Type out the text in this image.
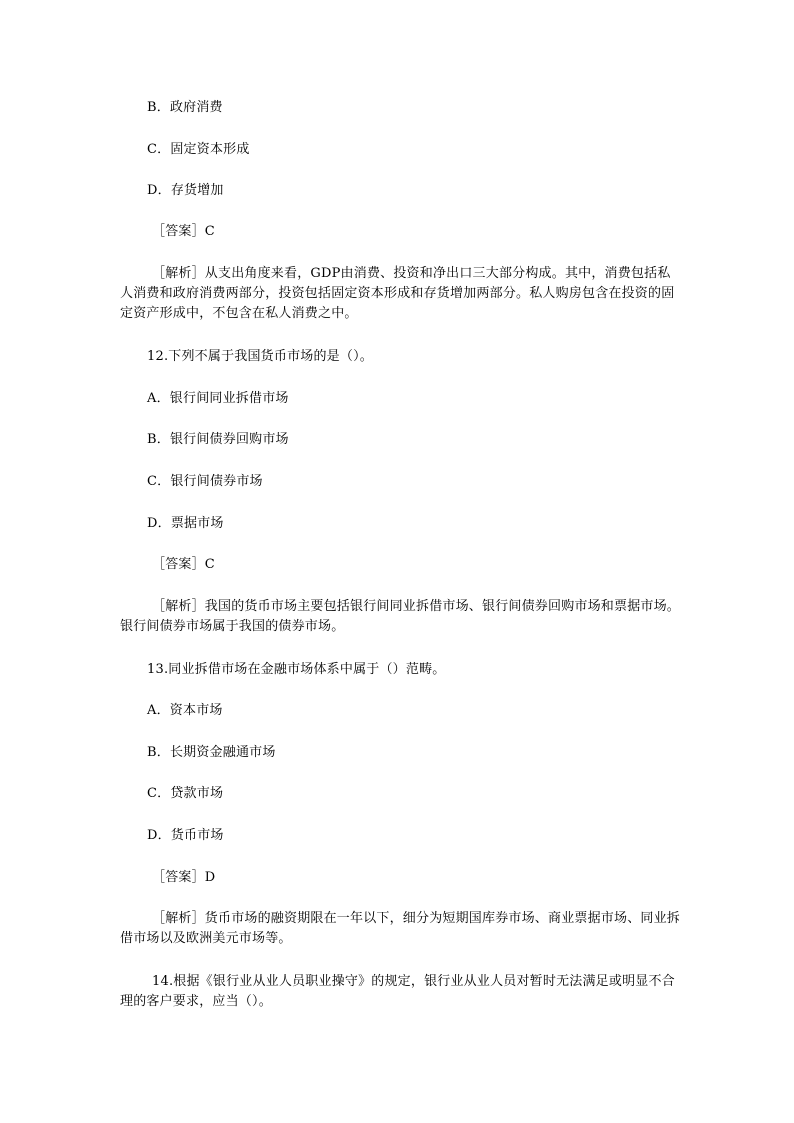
B．政府消费
C．固定资本形成
D．存货增加
［答案］C
［解析］从支出角度来看，GDP由消费、投资和净出口三大部分构成。其中，消费包括私人消费和政府消费两部分，投资包括固定资本形成和存货增加两部分。私人购房包含在投资的固定资产形成中，不包含在私人消费之中。
12.下列不属于我国货币市场的是（）。
A．银行间同业拆借市场
B．银行间债券回购市场
C．银行间债券市场
D．票据市场
［答案］C
［解析］我国的货币市场主要包括银行间同业拆借市场、银行间债券回购市场和票据市场。银行间债券市场属于我国的债券市场。
13.同业拆借市场在金融市场体系中属于（）范畴。
A．资本市场
B．长期资金融通市场
C．贷款市场
D．货币市场
［答案］D
［解析］货币市场的融资期限在一年以下，细分为短期国库券市场、商业票据市场、同业拆借市场以及欧洲美元市场等。
14.根据《银行业从业人员职业操守》的规定，银行业从业人员对暂时无法满足或明显不合理的客户要求，应当（）。
